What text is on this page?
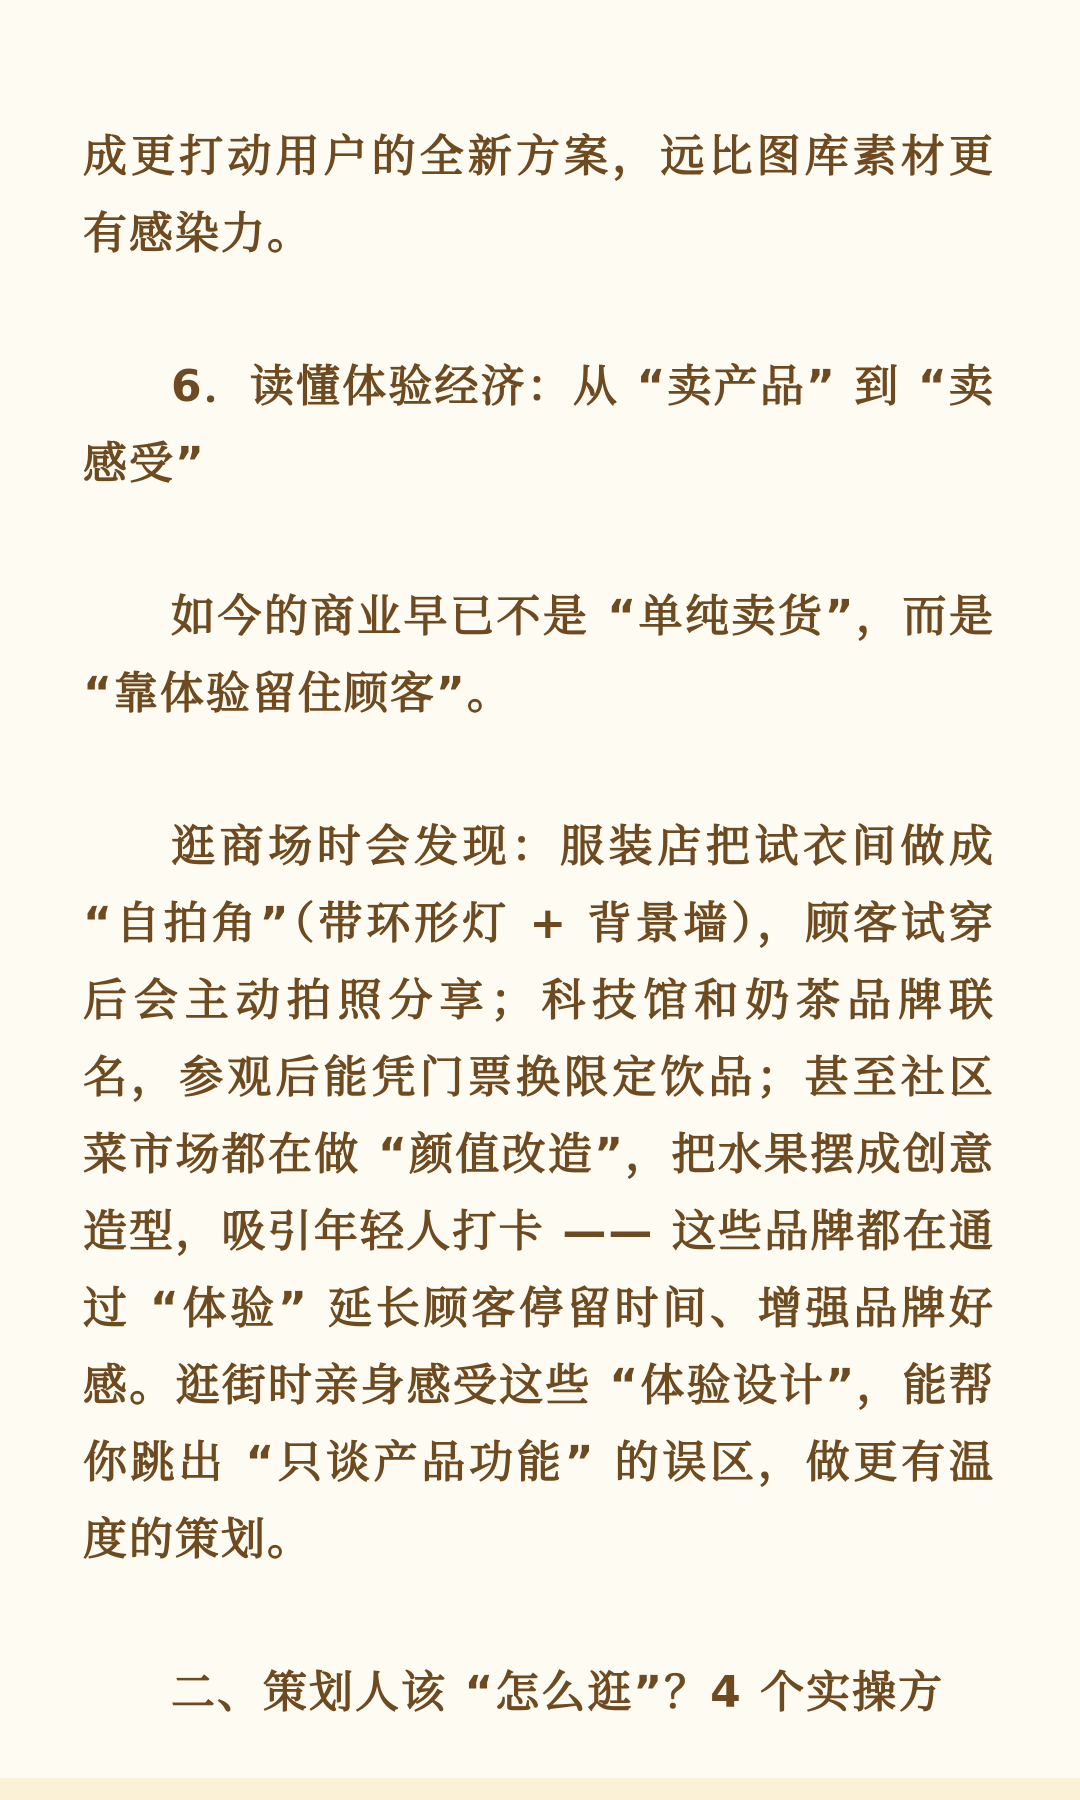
成更打动用户的全新方案，远比图库素材更有感染力。

6．读懂体验经济：从 “卖产品” 到 “卖感受”

如今的商业早已不是 “单纯卖货”，而是 “靠体验留住顾客”。

逛商场时会发现：服装店把试衣间做成 “自拍角”（带环形灯 + 背景墙），顾客试穿后会主动拍照分享；科技馆和奶茶品牌联名，参观后能凭门票换限定饮品；甚至社区菜市场都在做 “颜值改造”，把水果摆成创意造型，吸引年轻人打卡 —— 这些品牌都在通过 “体验” 延长顾客停留时间、增强品牌好感。逛街时亲身感受这些 “体验设计”，能帮你跳出 “只谈产品功能” 的误区，做更有温度的策划。

二、策划人该 “怎么逛”？4 个实操方
